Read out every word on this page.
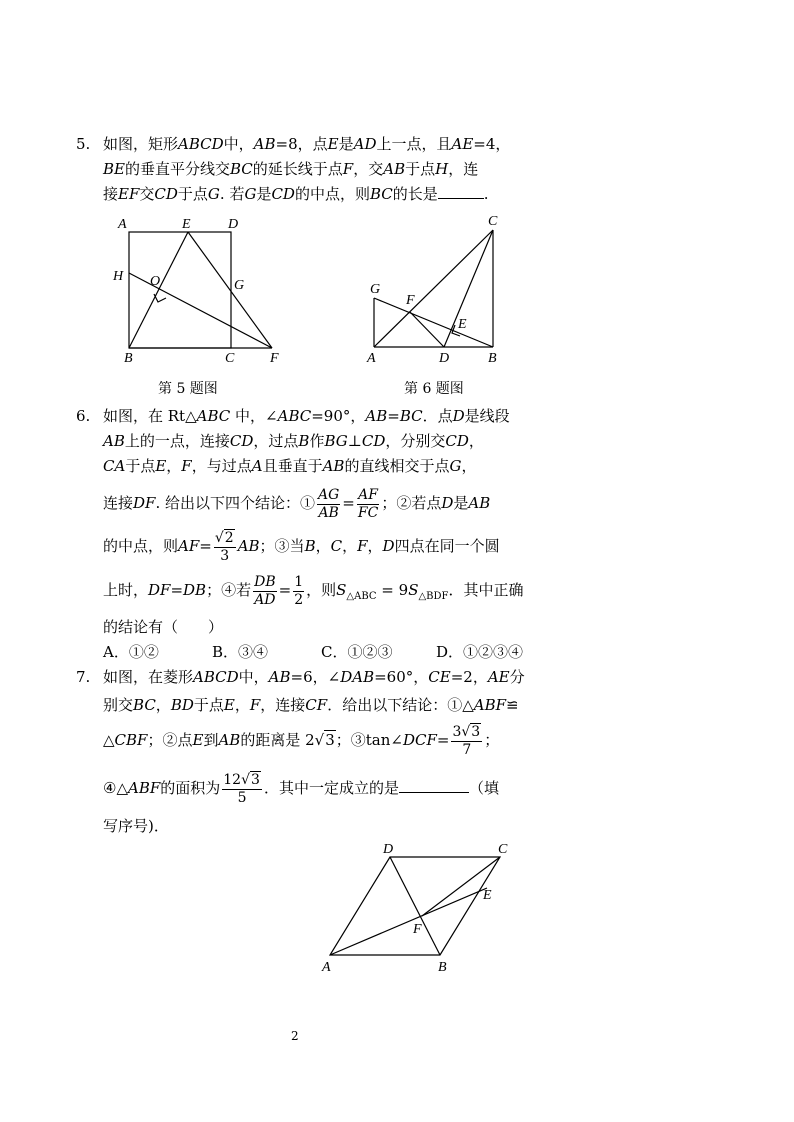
5. 如图，矩形ABCD中，AB=8，点E是AD上一点，且AE=4，
BE的垂直平分线交BC的延长线于点F，交AB于点H，连
接EF交CD于点G. 若G是CD的中点，则BC的长是	.
A	E	D
H O	G
B	C	F
第 5 题图
C
G
F
E
A	D	B
第 6 题图
6. 如图，在 Rt△ABC 中，∠ABC=90°，AB=BC．点D是线段
AB上的一点，连接CD，过点B作BG⊥CD，分别交CD，
CA于点E，F，与过点A且垂直于AB的直线相交于点G，
连接DF. 给出以下四个结论：① $\frac{AG}{AB} = \frac{AF}{FC}$ ；②若点D是AB
的中点，则$AF= \frac{√2}{3}$ AB；③当B，C，F，D四点在同一个圆
上时，DF=DB；④若 $\frac{DB}{AD} = \frac{1}{2}$ ，则$S_{\triangle ABC} = 9S_{\triangle BDF}$．其中正确
的结论有（　　）
A．①②	B．③④	C．①②③	D．①②③④
7. 如图，在菱形ABCD中，AB=6，∠DAB=60°，CE=2，AE分
别交BC，BD于点E，F，连接CF．给出以下结论：①△ABF≌
△CBF；②点E到AB的距离是 2√3；③tan∠DCF= $\frac{3√3}{7}$ ；
④△ABF的面积为 $\frac{12√3}{5}$ ．其中一定成立的是	（填
写序号)．
D	C
E
F
A	B
2
